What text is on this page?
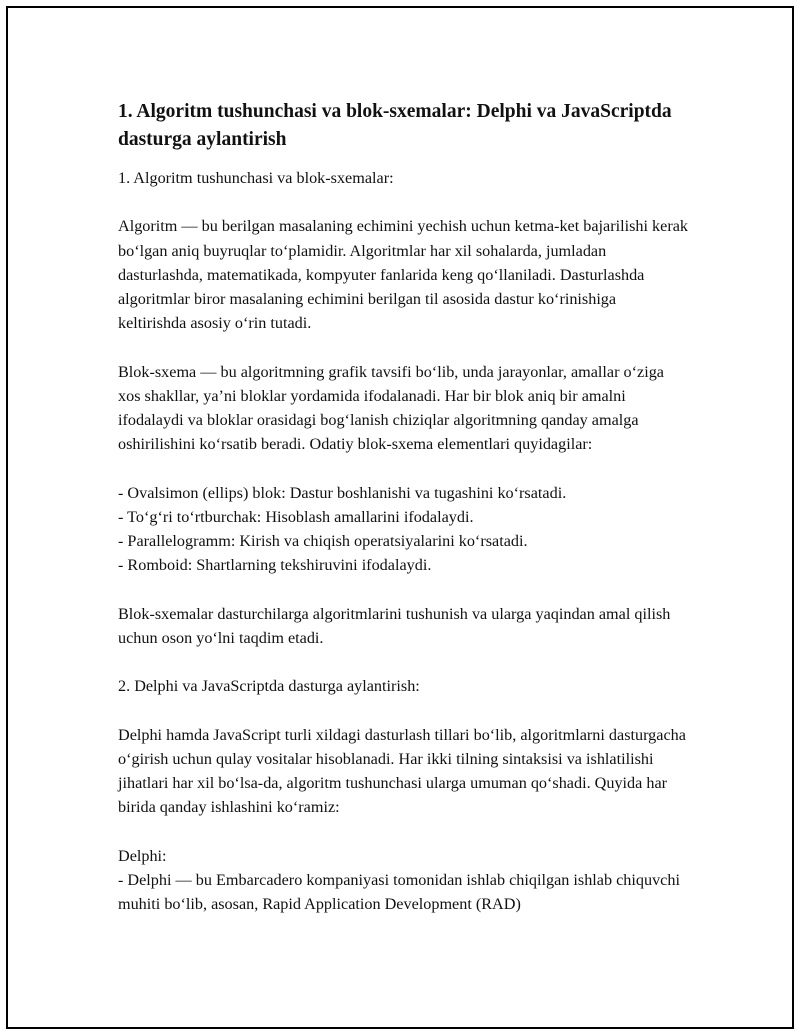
1. Algoritm tushunchasi va blok-sxemalar: Delphi va JavaScriptda dasturga aylantirish

1. Algoritm tushunchasi va blok-sxemalar:

Algoritm — bu berilgan masalaning echimini yechish uchun ketma-ket bajarilishi kerak bo‘lgan aniq buyruqlar to‘plamidir. Algoritmlar har xil sohalarda, jumladan dasturlashda, matematikada, kompyuter fanlarida keng qo‘llaniladi. Dasturlashda algoritmlar biror masalaning echimini berilgan til asosida dastur ko‘rinishiga keltirishda asosiy o‘rin tutadi.

Blok-sxema — bu algoritmning grafik tavsifi bo‘lib, unda jarayonlar, amallar o‘ziga xos shakllar, ya’ni bloklar yordamida ifodalanadi. Har bir blok aniq bir amalni ifodalaydi va bloklar orasidagi bog‘lanish chiziqlar algoritmning qanday amalga oshirilishini ko‘rsatib beradi. Odatiy blok-sxema elementlari quyidagilar:

- Ovalsimon (ellips) blok: Dastur boshlanishi va tugashini ko‘rsatadi.

- To‘g‘ri to‘rtburchak: Hisoblash amallarini ifodalaydi.

- Parallelogramm: Kirish va chiqish operatsiyalarini ko‘rsatadi.

- Romboid: Shartlarning tekshiruvini ifodalaydi.

Blok-sxemalar dasturchilarga algoritmlarini tushunish va ularga yaqindan amal qilish uchun oson yo‘lni taqdim etadi.

2. Delphi va JavaScriptda dasturga aylantirish:

Delphi hamda JavaScript turli xildagi dasturlash tillari bo‘lib, algoritmlarni dasturgacha o‘girish uchun qulay vositalar hisoblanadi. Har ikki tilning sintaksisi va ishlatilishi jihatlari har xil bo‘lsa-da, algoritm tushunchasi ularga umuman qo‘shadi. Quyida har birida qanday ishlashini ko‘ramiz:

Delphi:

- Delphi — bu Embarcadero kompaniyasi tomonidan ishlab chiqilgan ishlab chiquvchi muhiti bo‘lib, asosan, Rapid Application Development (RAD)
